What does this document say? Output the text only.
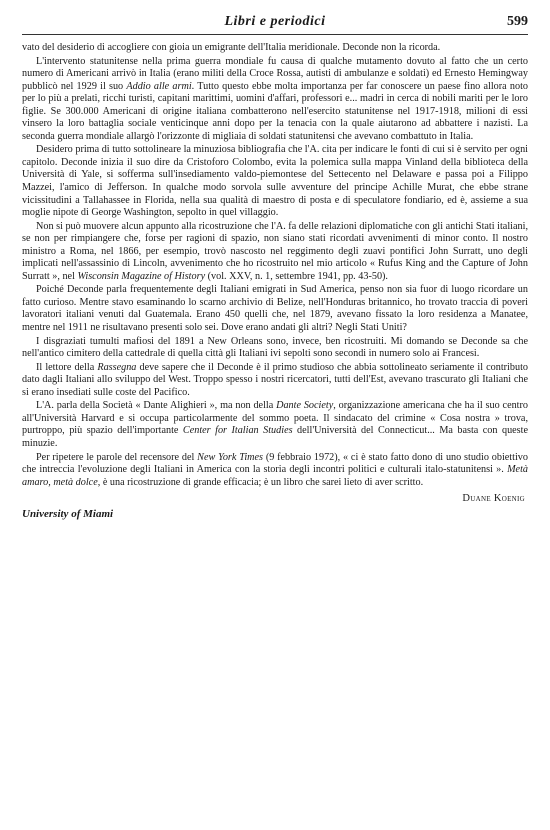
Libri e periodici	599

vato del desiderio di accogliere con gioia un emigrante dell'Italia meridionale. Deconde non la ricorda.

L'intervento statunitense nella prima guerra mondiale fu causa di qualche mutamento dovuto al fatto che un certo numero di Americani arrivò in Italia (erano militi della Croce Rossa, autisti di ambulanze e soldati) ed Ernesto Hemingway pubblicò nel 1929 il suo Addio alle armi. Tutto questo ebbe molta importanza per far conoscere un paese fino allora noto per lo più a prelati, ricchi turisti, capitani marittimi, uomini d'affari, professori e... madri in cerca di nobili mariti per le loro figlie. Se 300.000 Americani di origine italiana combatterono nell'esercito statunitense nel 1917-1918, milioni di essi vinsero la loro battaglia sociale venticinque anni dopo per la tenacia con la quale aiutarono ad abbattere i nazisti. La seconda guerra mondiale allargò l'orizzonte di migliaia di soldati statunitensi che avevano combattuto in Italia.

Desidero prima di tutto sottolineare la minuziosa bibliografia che l'A. cita per indicare le fonti di cui si è servito per ogni capitolo. Deconde inizia il suo dire da Cristoforo Colombo, evita la polemica sulla mappa Vinland della biblioteca della Università di Yale, si sofferma sull'insediamento valdo-piemontese del Settecento nel Delaware e passa poi a Filippo Mazzei, l'amico di Jefferson. In qualche modo sorvola sulle avventure del principe Achille Murat, che ebbe strane vicissitudini a Tallahassee in Florida, nella sua qualità di maestro di posta e di speculatore fondiario, ed è, assieme a sua moglie nipote di George Washington, sepolto in quel villaggio.

Non si può muovere alcun appunto alla ricostruzione che l'A. fa delle relazioni diplomatiche con gli antichi Stati italiani, se non per rimpiangere che, forse per ragioni di spazio, non siano stati ricordati avvenimenti di minor conto. Il nostro ministro a Roma, nel 1866, per esempio, trovò nascosto nel reggimento degli zuavi pontifici John Surratt, uno degli implicati nell'assassinio di Lincoln, avvenimento che ho ricostruito nel mio articolo « Rufus King and the Capture of John Surratt », nel Wisconsin Magazine of History (vol. XXV, n. 1, settembre 1941, pp. 43-50).

Poiché Deconde parla frequentemente degli Italiani emigrati in Sud America, penso non sia fuor di luogo ricordare un fatto curioso. Mentre stavo esaminando lo scarno archivio di Belize, nell'Honduras britannico, ho trovato traccia di poveri lavoratori italiani venuti dal Guatemala. Erano 450 quelli che, nel 1879, avevano fissato la loro residenza a Manatee, mentre nel 1911 ne risultavano presenti solo sei. Dove erano andati gli altri? Negli Stati Uniti?

I disgraziati tumulti mafiosi del 1891 a New Orleans sono, invece, ben ricostruiti. Mi domando se Deconde sa che nell'antico cimitero della cattedrale di quella città gli Italiani ivi sepolti sono secondi in numero solo ai Francesi.

Il lettore della Rassegna deve sapere che il Deconde è il primo studioso che abbia sottolineato seriamente il contributo dato dagli Italiani allo sviluppo del West. Troppo spesso i nostri ricercatori, tutti dell'Est, avevano trascurato gli Italiani che si erano insediati sulle coste del Pacifico.

L'A. parla della Società « Dante Alighieri », ma non della Dante Society, organizzazione americana che ha il suo centro all'Università Harvard e si occupa particolarmente del sommo poeta. Il sindacato del crimine « Cosa nostra » trova, purtroppo, più spazio dell'importante Center for Italian Studies dell'Università del Connecticut... Ma basta con queste minuzie.

Per ripetere le parole del recensore del New York Times (9 febbraio 1972), « ci è stato fatto dono di uno studio obiettivo che intreccia l'evoluzione degli Italiani in America con la storia degli incontri politici e culturali italo-statunitensi ». Metà amaro, metà dolce, è una ricostruzione di grande efficacia; è un libro che sarei lieto di aver scritto.

Duane Koenig
University of Miami
